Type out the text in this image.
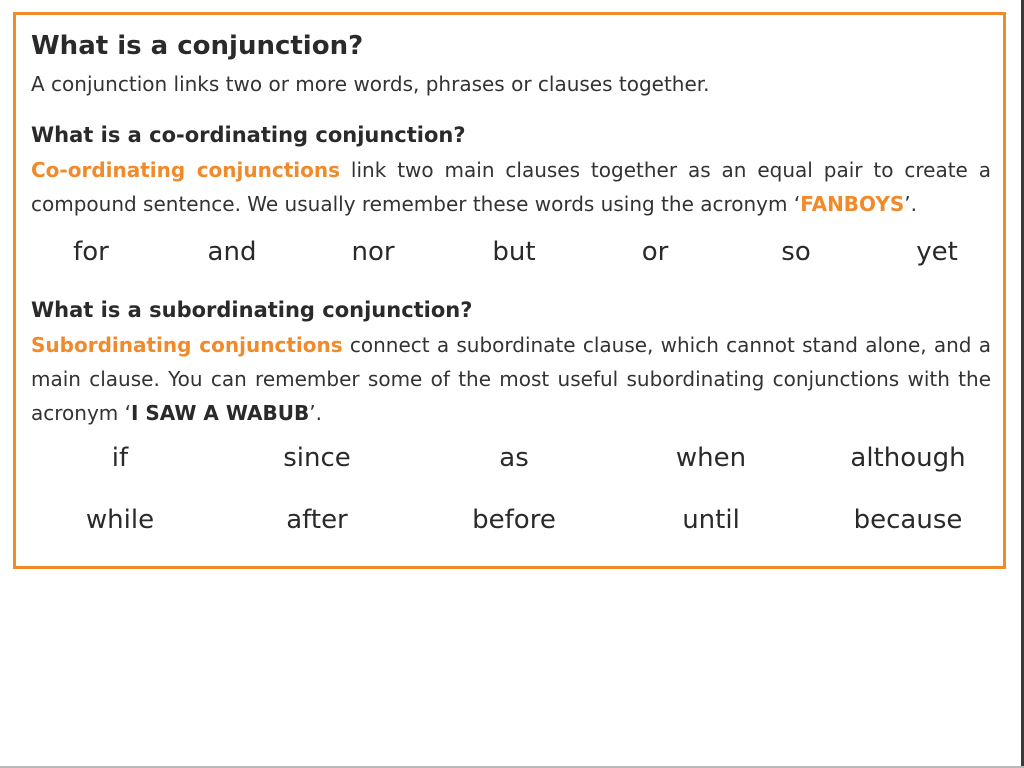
What is a conjunction?

A conjunction links two or more words, phrases or clauses together.

What is a co-ordinating conjunction?

Co-ordinating conjunctions link two main clauses together as an equal pair to create a compound sentence. We usually remember these words using the acronym ‘FANBOYS’.

for	and	nor	but	or	so	yet
What is a subordinating conjunction?

Subordinating conjunctions connect a subordinate clause, which cannot stand alone, and a main clause. You can remember some of the most useful subordinating conjunctions with the acronym ‘I SAW A WABUB’.

if	since	as	when	although
while	after	before	until	because
